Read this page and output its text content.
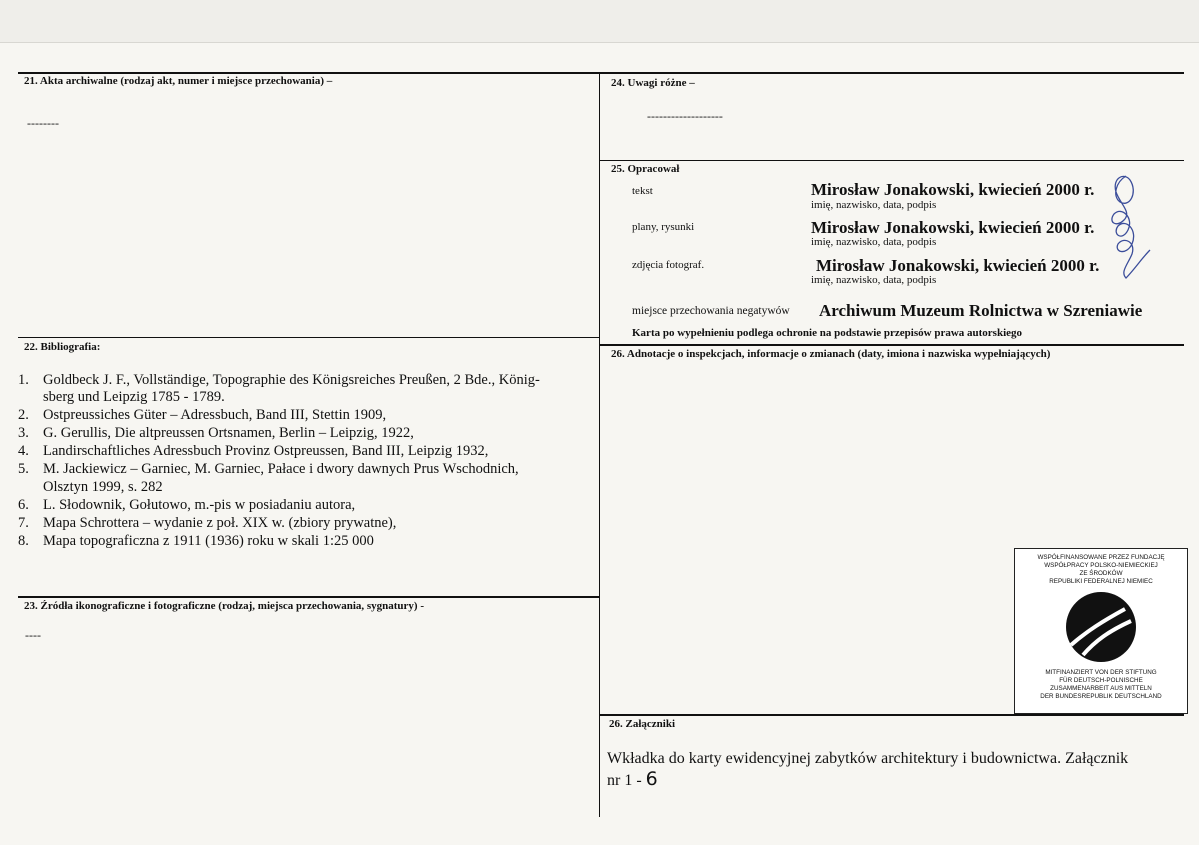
21. Akta archiwalne (rodzaj akt, numer i miejsce przechowania) –
--------
24. Uwagi różne –
-------------------
25. Opracował
tekst	Mirosław Jonakowski, kwiecień 2000 r.
imię, nazwisko, data, podpis
plany, rysunki	Mirosław Jonakowski, kwiecień 2000 r.
imię, nazwisko, data, podpis
zdjęcia fotograf.	Mirosław Jonakowski, kwiecień 2000 r.
imię, nazwisko, data, podpis
miejsce przechowania negatywów Archiwum Muzeum Rolnictwa w Szreniawie
Karta po wypełnieniu podlega ochronie na podstawie przepisów prawa autorskiego
22. Bibliografia:
1. Goldbeck J. F., Vollständige, Topographie des Königsreiches Preußen, 2 Bde., König-
sberg und Leipzig 1785 - 1789.
2. Ostpreussiches Güter – Adressbuch, Band III, Stettin 1909,
3. G. Gerullis, Die altpreussen Ortsnamen, Berlin – Leipzig, 1922,
4. Landirschaftliches Adressbuch Provinz Ostpreussen, Band III, Leipzig 1932,
5. M. Jackiewicz – Garniec, M. Garniec, Pałace i dwory dawnych Prus Wschodnich,
Olsztyn 1999, s. 282
6. L. Słodownik, Gołutowo, m.-pis w posiadaniu autora,
7. Mapa Schrottera – wydanie z poł. XIX w. (zbiory prywatne),
8. Mapa topograficzna z 1911 (1936) roku w skali 1:25 000
26. Adnotacje o inspekcjach, informacje o zmianach (daty, imiona i nazwiska wypełniających)
23. Źródła ikonograficzne i fotograficzne (rodzaj, miejsca przechowania, sygnatury) -
----
WSPÓŁFINANSOWANE PRZEZ FUNDACJĘ
WSPÓŁPRACY POLSKO-NIEMIECKIEJ
ZE ŚRODKÓW
REPUBLIKI FEDERALNEJ NIEMIEC
MITFINANZIERT VON DER STIFTUNG
FÜR DEUTSCH-POLNISCHE
ZUSAMMENARBEIT AUS MITTELN
DER BUNDESREPUBLIK DEUTSCHLAND
26. Załączniki
Wkładka do karty ewidencyjnej zabytków architektury i budownictwa. Załącznik
nr 1 - 6
